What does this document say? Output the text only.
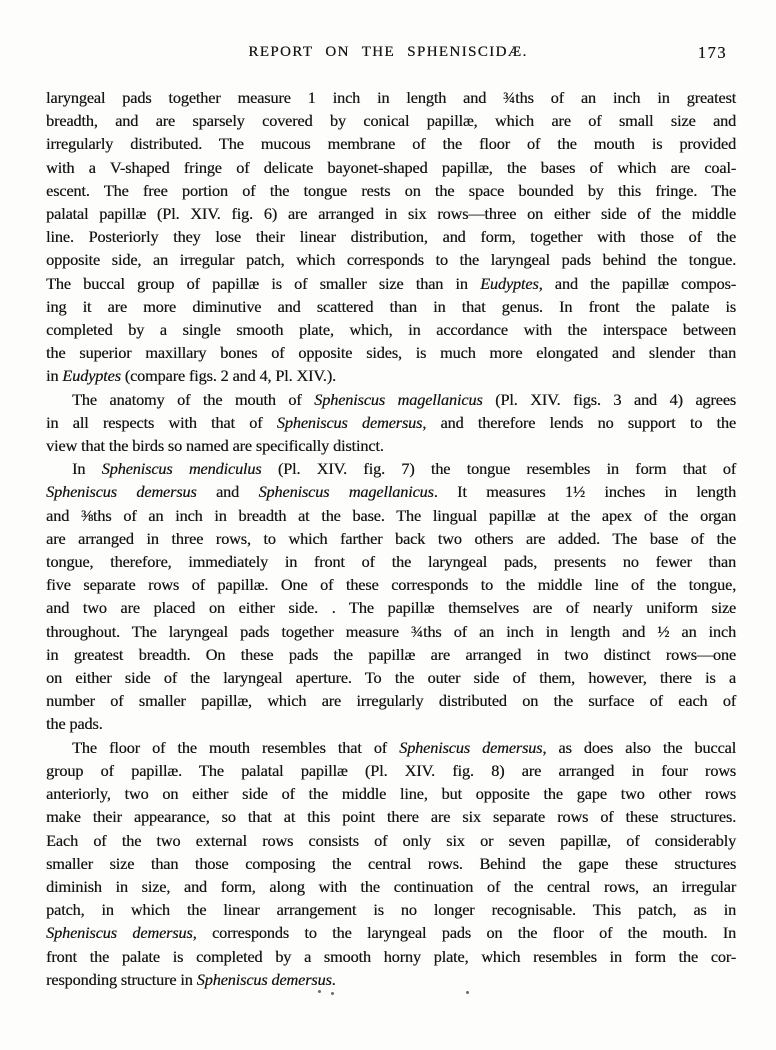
REPORT ON THE SPHENISCIDÆ.	173
laryngeal pads together measure 1 inch in length and ¾ths of an inch in greatest
breadth, and are sparsely covered by conical papillæ, which are of small size and
irregularly distributed. The mucous membrane of the floor of the mouth is provided
with a V-shaped fringe of delicate bayonet-shaped papillæ, the bases of which are coal-
escent. The free portion of the tongue rests on the space bounded by this fringe. The
palatal papillæ (Pl. XIV. fig. 6) are arranged in six rows—three on either side of the middle
line. Posteriorly they lose their linear distribution, and form, together with those of the
opposite side, an irregular patch, which corresponds to the laryngeal pads behind the tongue.
The buccal group of papillæ is of smaller size than in Eudyptes, and the papillæ compos-
ing it are more diminutive and scattered than in that genus. In front the palate is
completed by a single smooth plate, which, in accordance with the interspace between
the superior maxillary bones of opposite sides, is much more elongated and slender than
in Eudyptes (compare figs. 2 and 4, Pl. XIV.).
The anatomy of the mouth of Spheniscus magellanicus (Pl. XIV. figs. 3 and 4) agrees
in all respects with that of Spheniscus demersus, and therefore lends no support to the
view that the birds so named are specifically distinct.
In Spheniscus mendiculus (Pl. XIV. fig. 7) the tongue resembles in form that of
Spheniscus demersus and Spheniscus magellanicus. It measures 1½ inches in length
and ⅜ths of an inch in breadth at the base. The lingual papillæ at the apex of the organ
are arranged in three rows, to which farther back two others are added. The base of the
tongue, therefore, immediately in front of the laryngeal pads, presents no fewer than
five separate rows of papillæ. One of these corresponds to the middle line of the tongue,
and two are placed on either side. . The papillæ themselves are of nearly uniform size
throughout. The laryngeal pads together measure ¾ths of an inch in length and ½ an inch
in greatest breadth. On these pads the papillæ are arranged in two distinct rows—one
on either side of the laryngeal aperture. To the outer side of them, however, there is a
number of smaller papillæ, which are irregularly distributed on the surface of each of
the pads.
The floor of the mouth resembles that of Spheniscus demersus, as does also the buccal
group of papillæ. The palatal papillæ (Pl. XIV. fig. 8) are arranged in four rows
anteriorly, two on either side of the middle line, but opposite the gape two other rows
make their appearance, so that at this point there are six separate rows of these structures.
Each of the two external rows consists of only six or seven papillæ, of considerably
smaller size than those composing the central rows. Behind the gape these structures
diminish in size, and form, along with the continuation of the central rows, an irregular
patch, in which the linear arrangement is no longer recognisable. This patch, as in
Spheniscus demersus, corresponds to the laryngeal pads on the floor of the mouth. In
front the palate is completed by a smooth horny plate, which resembles in form the cor-
responding structure in Spheniscus demersus.
